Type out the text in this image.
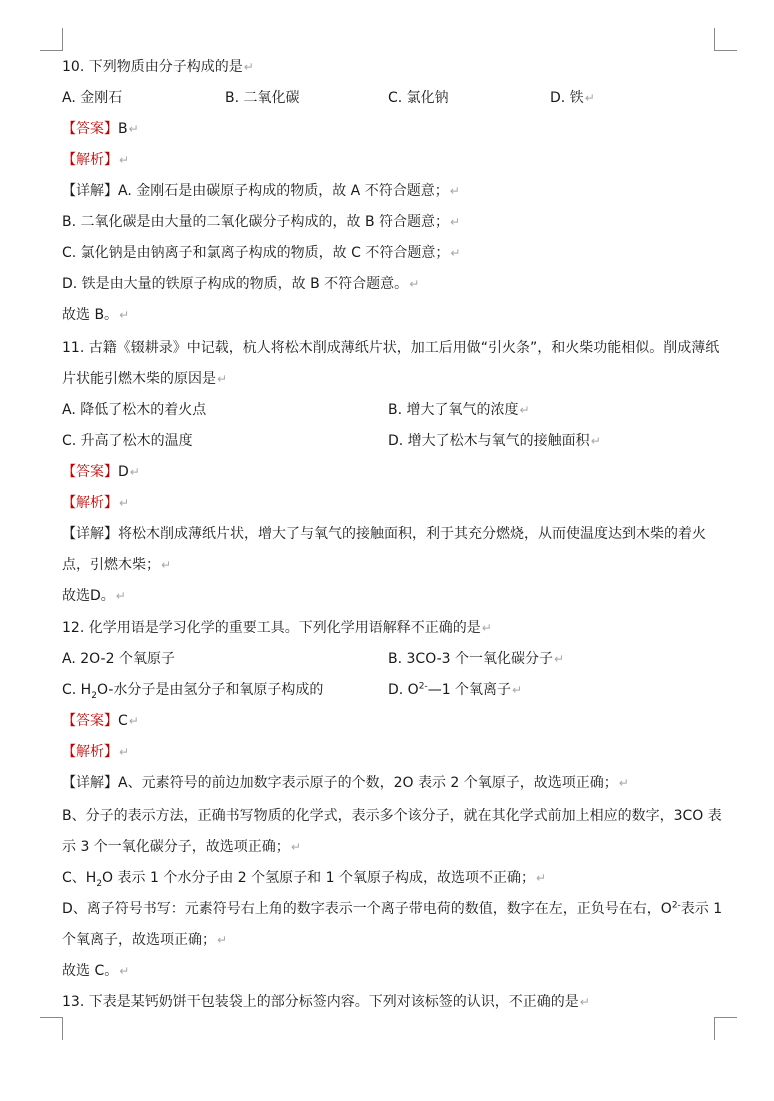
10. 下列物质由分子构成的是↵
A. 金刚石	B. 二氧化碳	C. 氯化钠	D. 铁↵
【答案】B↵
【解析】↵
【详解】A. 金刚石是由碳原子构成的物质，故 A 不符合题意；↵
B. 二氧化碳是由大量的二氧化碳分子构成的，故 B 符合题意；↵
C. 氯化钠是由钠离子和氯离子构成的物质，故 C 不符合题意；↵
D. 铁是由大量的铁原子构成的物质，故 B 不符合题意。↵
故选 B。↵
11. 古籍《辍耕录》中记载，杭人将松木削成薄纸片状，加工后用做“引火条”，和火柴功能相似。削成薄纸
片状能引燃木柴的原因是↵
A. 降低了松木的着火点	B. 增大了氧气的浓度↵
C. 升高了松木的温度	D. 增大了松木与氧气的接触面积↵
【答案】D↵
【解析】↵
【详解】将松木削成薄纸片状，增大了与氧气的接触面积，利于其充分燃烧，从而使温度达到木柴的着火
点，引燃木柴；↵
故选D。↵
12. 化学用语是学习化学的重要工具。下列化学用语解释不正确的是↵
A. 2O-2 个氧原子	B. 3CO-3 个一氧化碳分子↵
C. $H_2O-$水分子是由氢分子和氧原子构成的	D. $O^{2-}—1$ 个氧离子↵
【答案】C↵
【解析】↵
【详解】A、元素符号的前边加数字表示原子的个数，2O 表示 2 个氧原子，故选项正确；↵
B、分子的表示方法，正确书写物质的化学式，表示多个该分子，就在其化学式前加上相应的数字，3CO 表
示 3 个一氧化碳分子，故选项正确；↵
C、$H_2O$ 表示 1 个水分子由 2 个氢原子和 1 个氧原子构成，故选项不正确；↵
D、离子符号书写：元素符号右上角的数字表示一个离子带电荷的数值，数字在左，正负号在右，$O^{2-}$表示 1
个氧离子，故选项正确；↵
故选 C。↵
13. 下表是某钙奶饼干包装袋上的部分标签内容。下列对该标签的认识，不正确的是↵
